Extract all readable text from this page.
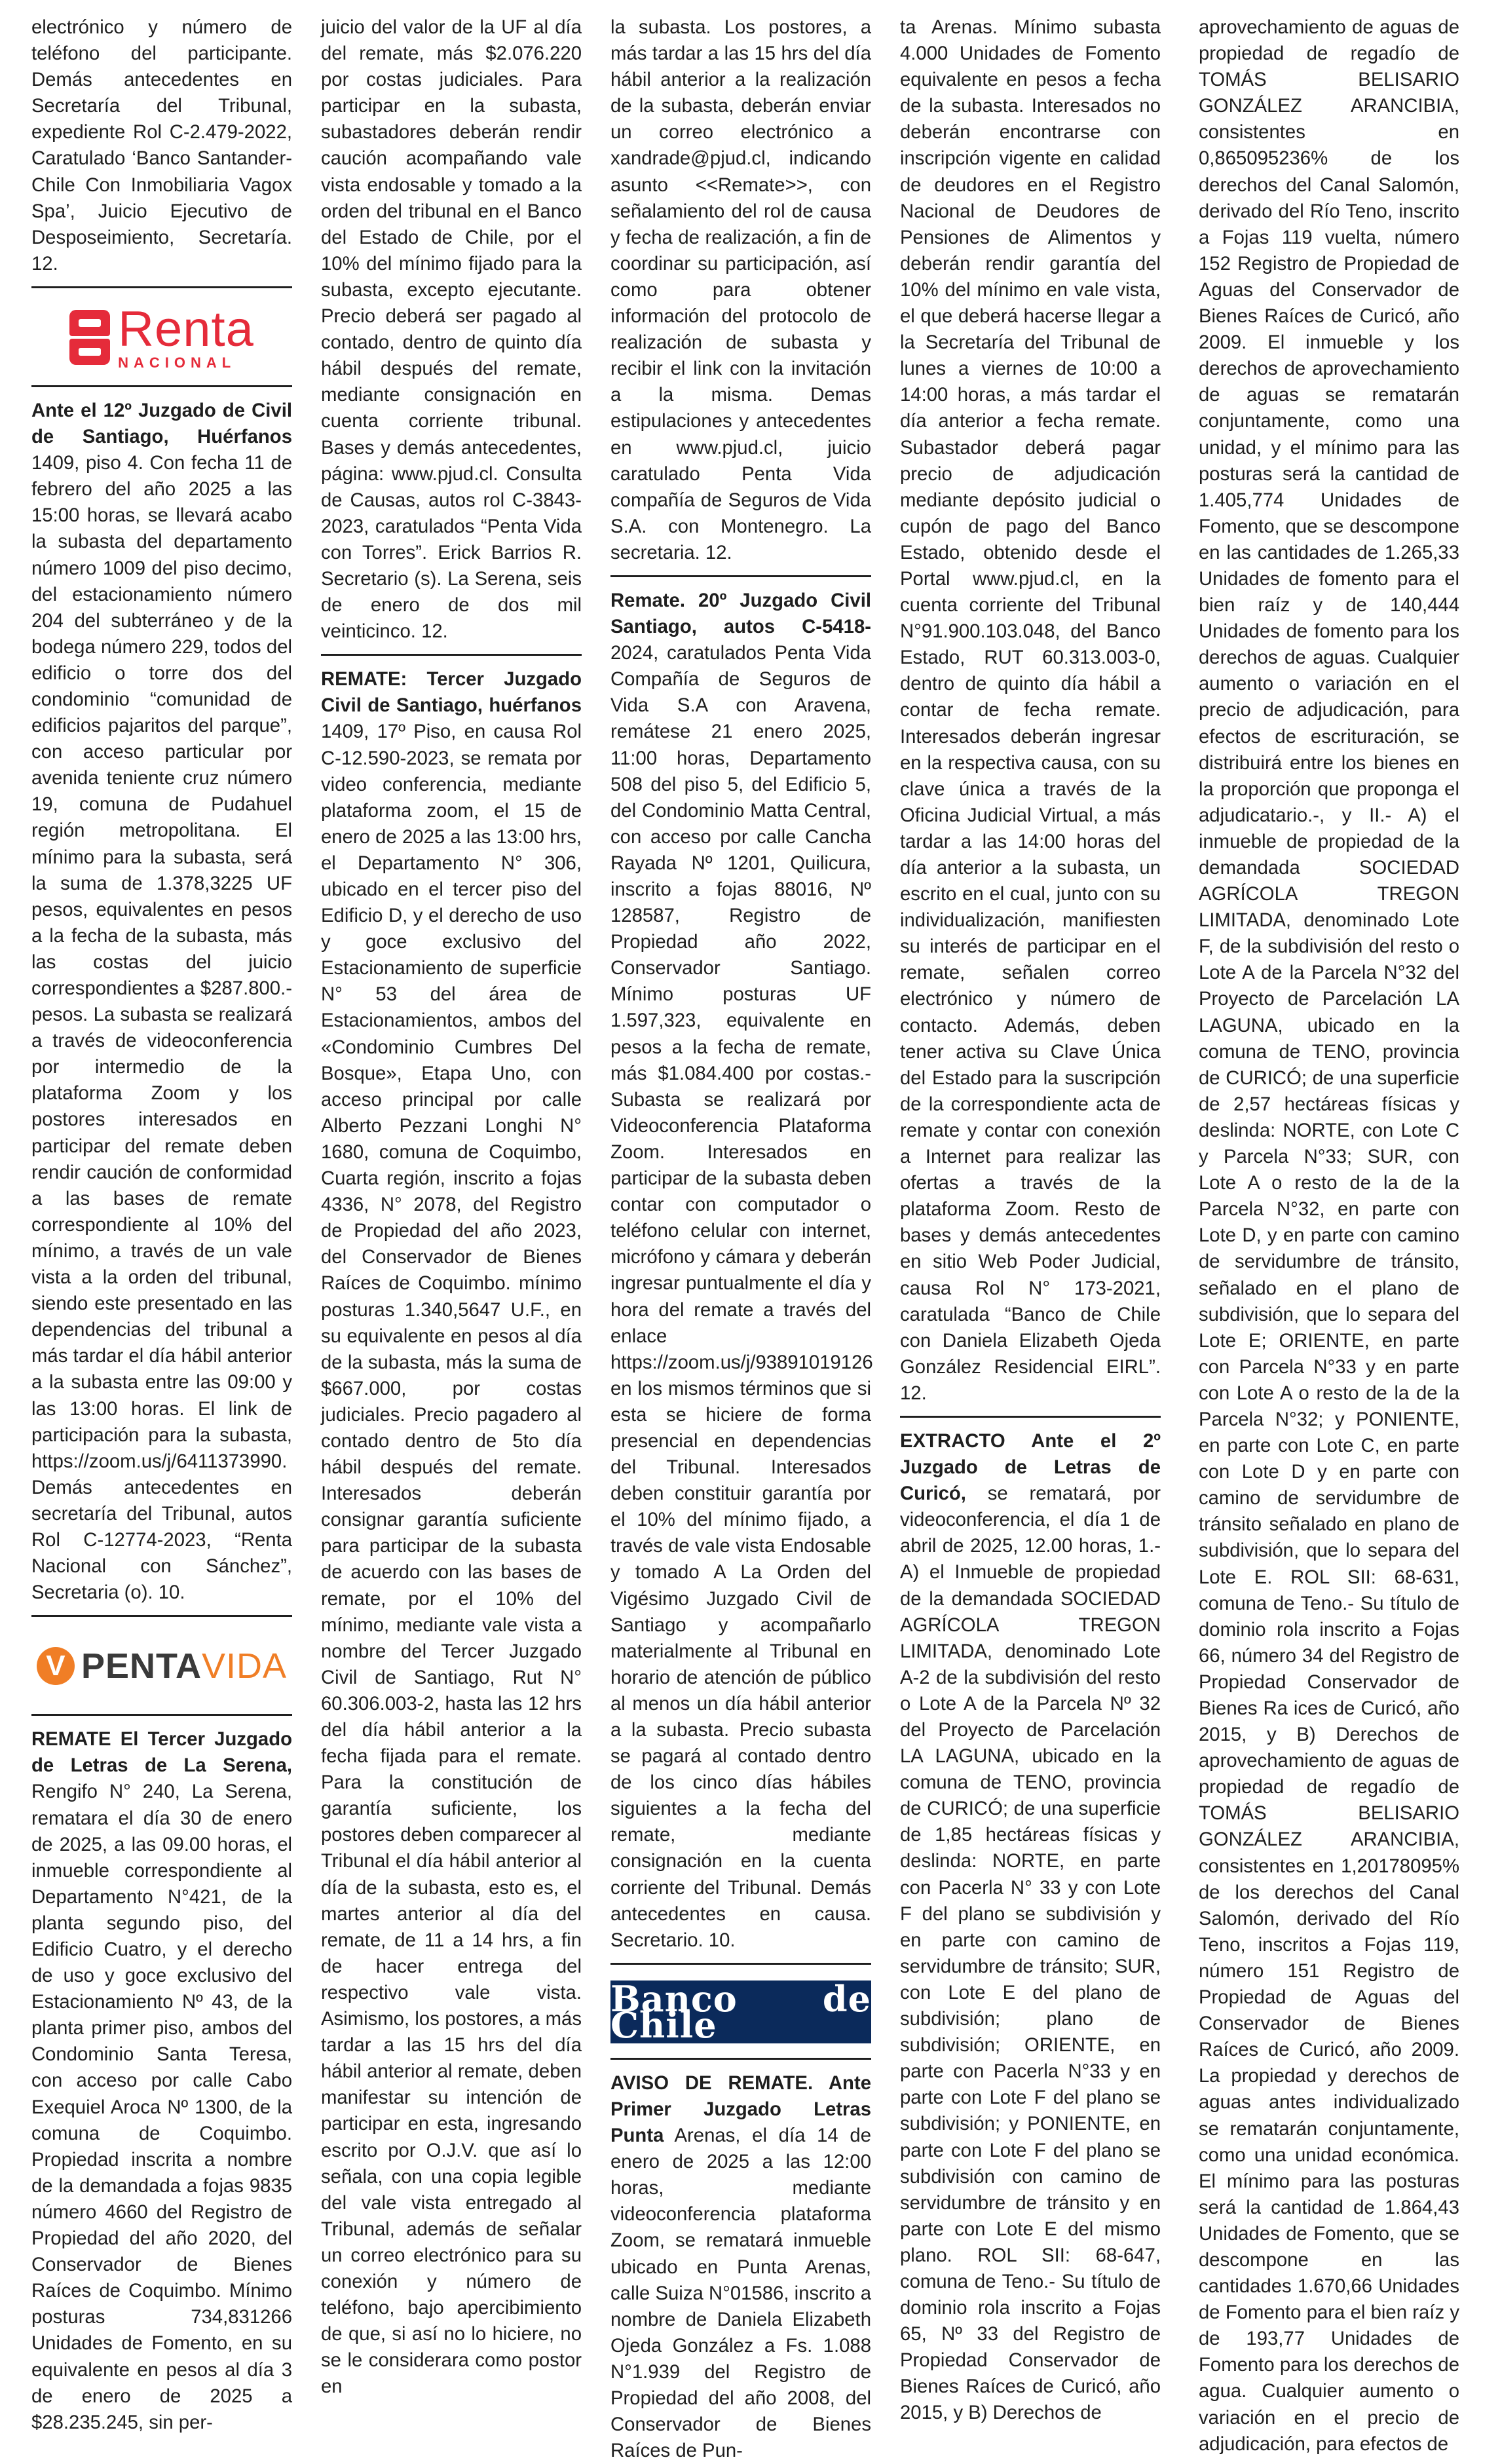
electrónico y número de teléfono del participante. Demás antecedentes en Secretaría del Tribunal, expediente Rol C-2.479-2022, Caratulado ‘Banco Santander- Chile Con Inmobiliaria Vagox Spa’, Juicio Ejecutivo de Desposeimiento, Secretaría. 12.

Renta
NACIONAL

Ante el 12º Juzgado de Civil de Santiago, Huérfanos 1409, piso 4. Con fecha 11 de febrero del año 2025 a las 15:00 horas, se llevará acabo la subasta del departamento número 1009 del piso decimo, del estacionamiento número 204 del subterráneo y de la bodega número 229, todos del edificio o torre dos del condominio “comunidad de edificios pajaritos del parque”, con acceso particular por avenida teniente cruz número 19, comuna de Pudahuel región metropolitana. El mínimo para la subasta, será la suma de 1.378,3225 UF pesos, equivalentes en pesos a la fecha de la subasta, más las costas del juicio correspondientes a $287.800.- pesos. La subasta se realizará a través de videoconferencia por intermedio de la plataforma Zoom y los postores interesados en participar del remate deben rendir caución de conformidad a las bases de remate correspondiente al 10% del mínimo, a través de un vale vista a la orden del tribunal, siendo este presentado en las dependencias del tribunal a más tardar el día hábil anterior a la subasta entre las 09:00 y las 13:00 horas. El link de participación para la subasta, https://zoom.us/j/6411373990. Demás antecedentes en secretaría del Tribunal, autos Rol C-12774-2023, “Renta Nacional con Sánchez”, Secretaria (o). 10.

V PENTAVIDA

REMATE El Tercer Juzgado de Letras de La Serena, Rengifo N° 240, La Serena, rematara el día 30 de enero de 2025, a las 09.00 horas, el inmueble correspondiente al Departamento N°421, de la planta segundo piso, del Edificio Cuatro, y el derecho de uso y goce exclusivo del Estacionamiento Nº 43, de la planta primer piso, ambos del Condominio Santa Teresa, con acceso por calle Cabo Exequiel Aroca Nº 1300, de la comuna de Coquimbo. Propiedad inscrita a nombre de la demandada a fojas 9835 número 4660 del Registro de Propiedad del año 2020, del Conservador de Bienes Raíces de Coquimbo. Mínimo posturas 734,831266 Unidades de Fomento, en su equivalente en pesos al día 3 de enero de 2025 a $28.235.245, sin per-

juicio del valor de la UF al día del remate, más $2.076.220 por costas judiciales. Para participar en la subasta, subastadores deberán rendir caución acompañando vale vista endosable y tomado a la orden del tribunal en el Banco del Estado de Chile, por el 10% del mínimo fijado para la subasta, excepto ejecutante. Precio deberá ser pagado al contado, dentro de quinto día hábil después del remate, mediante consignación en cuenta corriente tribunal. Bases y demás antecedentes, página: www.pjud.cl. Consulta de Causas, autos rol C-3843-2023, caratulados “Penta Vida con Torres”. Erick Barrios R. Secretario (s). La Serena, seis de enero de dos mil veinticinco. 12.

REMATE: Tercer Juzgado Civil de Santiago, huérfanos 1409, 17º Piso, en causa Rol C-12.590-2023, se remata por video conferencia, mediante plataforma zoom, el 15 de enero de 2025 a las 13:00 hrs, el Departamento N° 306, ubicado en el tercer piso del Edificio D, y el derecho de uso y goce exclusivo del Estacionamiento de superficie N° 53 del área de Estacionamientos, ambos del «Condominio Cumbres Del Bosque», Etapa Uno, con acceso principal por calle Alberto Pezzani Longhi N° 1680, comuna de Coquimbo, Cuarta región, inscrito a fojas 4336, N° 2078, del Registro de Propiedad del año 2023, del Conservador de Bienes Raíces de Coquimbo. mínimo posturas 1.340,5647 U.F., en su equivalente en pesos al día de la subasta, más la suma de $667.000, por costas judiciales. Precio pagadero al contado dentro de 5to día hábil después del remate. Interesados deberán consignar garantía suficiente para participar de la subasta de acuerdo con las bases de remate, por el 10% del mínimo, mediante vale vista a nombre del Tercer Juzgado Civil de Santiago, Rut N° 60.306.003-2, hasta las 12 hrs del día hábil anterior a la fecha fijada para el remate. Para la constitución de garantía suficiente, los postores deben comparecer al Tribunal el día hábil anterior al día de la subasta, esto es, el martes anterior al día del remate, de 11 a 14 hrs, a fin de hacer entrega del respectivo vale vista. Asimismo, los postores, a más tardar a las 15 hrs del día hábil anterior al remate, deben manifestar su intención de participar en esta, ingresando escrito por O.J.V. que así lo señala, con una copia legible del vale vista entregado al Tribunal, además de señalar un correo electrónico para su conexión y número de teléfono, bajo apercibimiento de que, si así no lo hiciere, no se le considerara como postor en

la subasta. Los postores, a más tardar a las 15 hrs del día hábil anterior a la realización de la subasta, deberán enviar un correo electrónico a xandrade@pjud.cl, indicando asunto <<Remate>>, con señalamiento del rol de causa y fecha de realización, a fin de coordinar su participación, así como para obtener información del protocolo de realización de subasta y recibir el link con la invitación a la misma. Demas estipulaciones y antecedentes en www.pjud.cl, juicio caratulado Penta Vida compañía de Seguros de Vida S.A. con Montenegro. La secretaria. 12.

Remate. 20º Juzgado Civil Santiago, autos C-5418-2024, caratulados Penta Vida Compañía de Seguros de Vida S.A con Aravena, remátese 21 enero 2025, 11:00 horas, Departamento 508 del piso 5, del Edificio 5, del Condominio Matta Central, con acceso por calle Cancha Rayada Nº 1201, Quilicura, inscrito a fojas 88016, Nº 128587, Registro de Propiedad año 2022, Conservador Santiago. Mínimo posturas UF 1.597,323, equivalente en pesos a la fecha de remate, más $1.084.400 por costas.- Subasta se realizará por Videoconferencia Plataforma Zoom. Interesados en participar de la subasta deben contar con computador o teléfono celular con internet, micrófono y cámara y deberán ingresar puntualmente el día y hora del remate a través del enlace https://zoom.us/j/93891019126 en los mismos términos que si esta se hiciere de forma presencial en dependencias del Tribunal. Interesados deben constituir garantía por el 10% del mínimo fijado, a través de vale vista Endosable y tomado A La Orden del Vigésimo Juzgado Civil de Santiago y acompañarlo materialmente al Tribunal en horario de atención de público al menos un día hábil anterior a la subasta. Precio subasta se pagará al contado dentro de los cinco días hábiles siguientes a la fecha del remate, mediante consignación en la cuenta corriente del Tribunal. Demás antecedentes en causa. Secretario. 10.

Banco de Chile

AVISO DE REMATE. Ante Primer Juzgado Letras Punta Arenas, el día 14 de enero de 2025 a las 12:00 horas, mediante videoconferencia plataforma Zoom, se rematará inmueble ubicado en Punta Arenas, calle Suiza N°01586, inscrito a nombre de Daniela Elizabeth Ojeda González a Fs. 1.088 N°1.939 del Registro de Propiedad del año 2008, del Conservador de Bienes Raíces de Pun-

ta Arenas. Mínimo subasta 4.000 Unidades de Fomento equivalente en pesos a fecha de la subasta. Interesados no deberán encontrarse con inscripción vigente en calidad de deudores en el Registro Nacional de Deudores de Pensiones de Alimentos y deberán rendir garantía del 10% del mínimo en vale vista, el que deberá hacerse llegar a la Secretaría del Tribunal de lunes a viernes de 10:00 a 14:00 horas, a más tardar el día anterior a fecha remate. Subastador deberá pagar precio de adjudicación mediante depósito judicial o cupón de pago del Banco Estado, obtenido desde el Portal www.pjud.cl, en la cuenta corriente del Tribunal N°91.900.103.048, del Banco Estado, RUT 60.313.003-0, dentro de quinto día hábil a contar de fecha remate. Interesados deberán ingresar en la respectiva causa, con su clave única a través de la Oficina Judicial Virtual, a más tardar a las 14:00 horas del día anterior a la subasta, un escrito en el cual, junto con su individualización, manifiesten su interés de participar en el remate, señalen correo electrónico y número de contacto. Además, deben tener activa su Clave Única del Estado para la suscripción de la correspondiente acta de remate y contar con conexión a Internet para realizar las ofertas a través de la plataforma Zoom. Resto de bases y demás antecedentes en sitio Web Poder Judicial, causa Rol N° 173-2021, caratulada “Banco de Chile con Daniela Elizabeth Ojeda González Residencial EIRL”. 12.

EXTRACTO Ante el 2º Juzgado de Letras de Curicó, se rematará, por videoconferencia, el día 1 de abril de 2025, 12.00 horas, 1.- A) el Inmueble de propiedad de la demandada SOCIEDAD AGRÍCOLA TREGON LIMITADA, denominado Lote A-2 de la subdivisión del resto o Lote A de la Parcela Nº 32 del Proyecto de Parcelación LA LAGUNA, ubicado en la comuna de TENO, provincia de CURICÓ; de una superficie de 1,85 hectáreas físicas y deslinda: NORTE, en parte con Pacerla N° 33 y con Lote F del plano se subdivisión y en parte con camino de servidumbre de tránsito; SUR, con Lote E del plano de subdivisión; plano de subdivisión; ORIENTE, en parte con Pacerla N°33 y en parte con Lote F del plano se subdivisión; y PONIENTE, en parte con Lote F del plano se subdivisión con camino de servidumbre de tránsito y en parte con Lote E del mismo plano. ROL SII: 68-647, comuna de Teno.- Su título de dominio rola inscrito a Fojas 65, Nº 33 del Registro de Propiedad Conservador de Bienes Raíces de Curicó, año 2015, y B) Derechos de

aprovechamiento de aguas de propiedad de regadío de TOMÁS BELISARIO GONZÁLEZ ARANCIBIA, consistentes en 0,865095236% de los derechos del Canal Salomón, derivado del Río Teno, inscrito a Fojas 119 vuelta, número 152 Registro de Propiedad de Aguas del Conservador de Bienes Raíces de Curicó, año 2009. El inmueble y los derechos de aprovechamiento de aguas se rematarán conjuntamente, como una unidad, y el mínimo para las posturas será la cantidad de 1.405,774 Unidades de Fomento, que se descompone en las cantidades de 1.265,33 Unidades de fomento para el bien raíz y de 140,444 Unidades de fomento para los derechos de aguas. Cualquier aumento o variación en el precio de adjudicación, para efectos de escrituración, se distribuirá entre los bienes en la proporción que proponga el adjudicatario.-, y II.- A) el inmueble de propiedad de la demandada SOCIEDAD AGRÍCOLA TREGON LIMITADA, denominado Lote F, de la subdivisión del resto o Lote A de la Parcela N°32 del Proyecto de Parcelación LA LAGUNA, ubicado en la comuna de TENO, provincia de CURICÓ; de una superficie de 2,57 hectáreas físicas y deslinda: NORTE, con Lote C y Parcela N°33; SUR, con Lote A o resto de la de la Parcela N°32, en parte con Lote D, y en parte con camino de servidumbre de tránsito, señalado en el plano de subdivisión, que lo separa del Lote E; ORIENTE, en parte con Parcela N°33 y en parte con Lote A o resto de la de la Parcela N°32; y PONIENTE, en parte con Lote C, en parte con Lote D y en parte con camino de servidumbre de tránsito señalado en plano de subdivisión, que lo separa del Lote E. ROL SII: 68-631, comuna de Teno.- Su título de dominio rola inscrito a Fojas 66, número 34 del Registro de Propiedad Conservador de Bienes Ra ices de Curicó, año 2015, y B) Derechos de aprovechamiento de aguas de propiedad de regadío de TOMÁS BELISARIO GONZÁLEZ ARANCIBIA, consistentes en 1,20178095% de los derechos del Canal Salomón, derivado del Río Teno, inscritos a Fojas 119, número 151 Registro de Propiedad de Aguas del Conservador de Bienes Raíces de Curicó, año 2009. La propiedad y derechos de aguas antes individualizado se rematarán conjuntamente, como una unidad económica. El mínimo para las posturas será la cantidad de 1.864,43 Unidades de Fomento, que se descompone en las cantidades 1.670,66 Unidades de Fomento para el bien raíz y de 193,77 Unidades de Fomento para los derechos de agua. Cualquier aumento o variación en el precio de adjudicación, para efectos de
